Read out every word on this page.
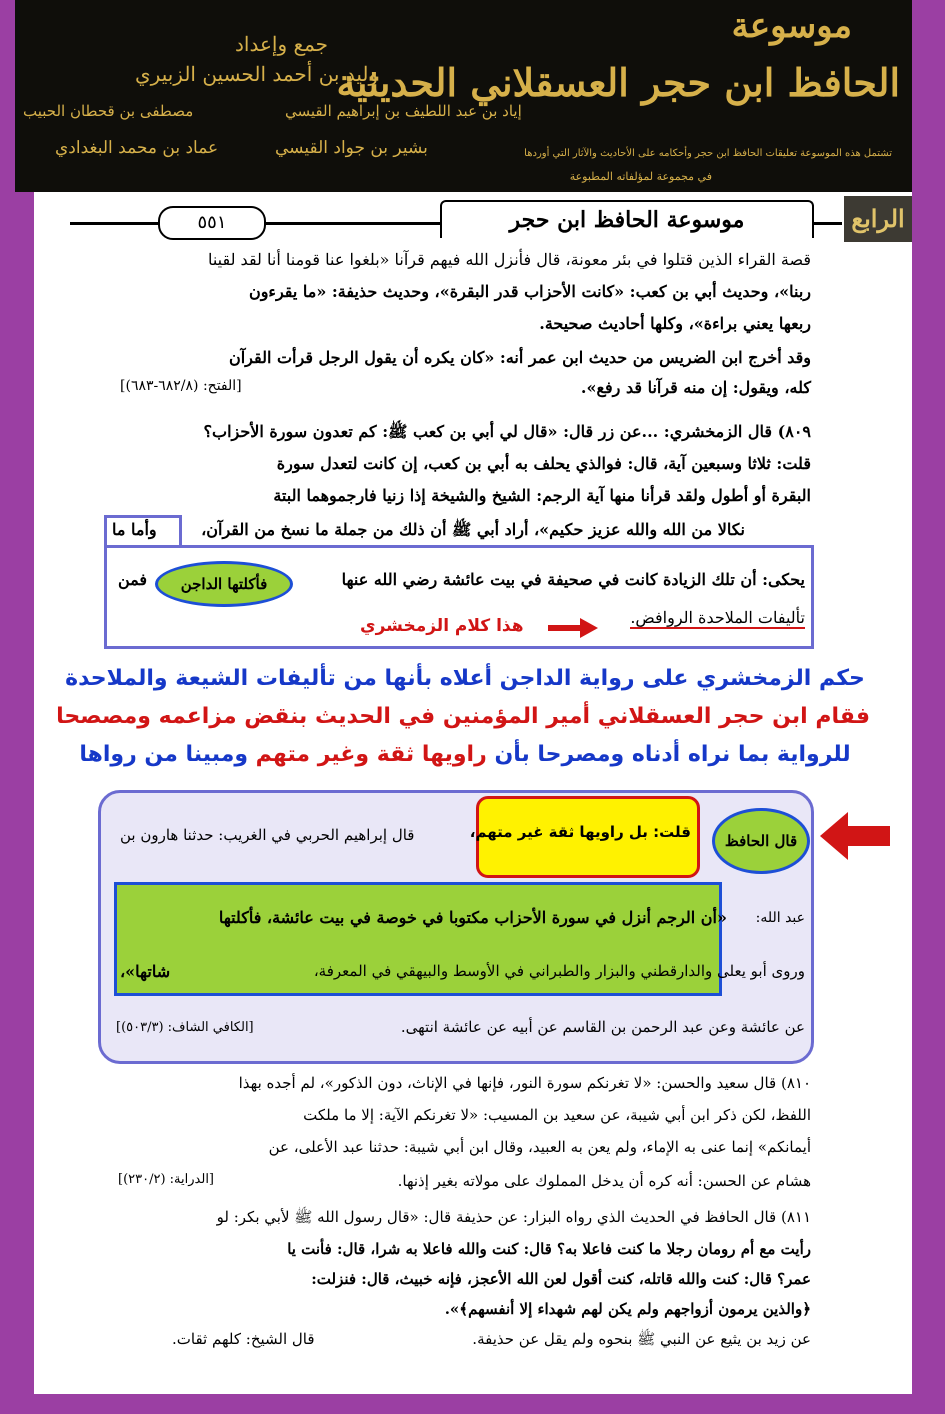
موسوعة
الحافظ ابن حجر العسقلاني الحديثية
جمع وإعداد
وليد بن أحمد الحسين الزبيري
إياد بن عبد اللطيف بن إبراهيم القيسي
مصطفى بن قحطان الحبيب
عماد بن محمد البغدادي	بشير بن جواد القيسي	تشتمل هذه الموسوعة تعليقات الحافظ ابن حجر وأحكامه على الأحاديث والآثار التي أوردها
في مجموعة لمؤلفاته المطبوعة
الرابع
موسوعة الحافظ ابن حجر
٥٥١
قصة القراء الذين قتلوا في بئر معونة، قال فأنزل الله فيهم قرآنا «بلغوا عنا قومنا أنا لقد لقينا
ربنا»، وحديث أبي بن كعب: «كانت الأحزاب قدر البقرة»، وحديث حذيفة: «ما يقرءون
ربعها يعني براءة»، وكلها أحاديث صحيحة.
وقد أخرج ابن الضريس من حديث ابن عمر أنه: «كان يكره أن يقول الرجل قرأت القرآن
كله، ويقول: إن منه قرآنا قد رفع».
[الفتح: (٦٨٢/٨-٦٨٣)]
٨٠٩) قال الزمخشري: ...عن زر قال: «قال لي أبي بن كعب ﷺ: كم تعدون سورة الأحزاب؟
قلت: ثلاثا وسبعين آية، قال: فوالذي يحلف به أبي بن كعب، إن كانت لتعدل سورة
البقرة أو أطول ولقد قرأنا منها آية الرجم: الشيخ والشيخة إذا زنيا فارجموهما البتة
نكالا من الله والله عزيز حكيم»، أراد أبي ﷺ أن ذلك من جملة ما نسخ من القرآن،
وأما ما
يحكى: أن تلك الزيادة كانت في صحيفة في بيت عائشة رضي الله عنها
فأكلتها الداجن
فمن
تأليفات الملاحدة الروافض.
هذا كلام الزمخشري
حكم الزمخشري على رواية الداجن أعلاه بأنها من تأليفات الشيعة والملاحدة
فقام ابن حجر العسقلاني أمير المؤمنين في الحديث بنقض مزاعمه ومصصحا
للرواية بما نراه أدناه ومصرحا بأن راويها ثقة وغير متهم ومبينا من رواها
قال الحافظ
قلت: بل راويها ثقة غير متهم،
قال إبراهيم الحربي في الغريب: حدثنا هارون بن
عبد الله:
«أن الرجم أنزل في سورة الأحزاب مكتوبا في خوصة في بيت عائشة، فأكلتها
شاتها»،	وروى أبو يعلى والدارقطني والبزار والطبراني في الأوسط والبيهقي في المعرفة،
عن عائشة وعن عبد الرحمن بن القاسم عن أبيه عن عائشة انتهى.
[الكافي الشاف: (٥٠٣/٣)]
٨١٠) قال سعيد والحسن: «لا تغرنكم سورة النور، فإنها في الإناث، دون الذكور»، لم أجده بهذا
اللفظ، لكن ذكر ابن أبي شيبة، عن سعيد بن المسيب: «لا تغرنكم الآية: إلا ما ملكت
أيمانكم» إنما عنى به الإماء، ولم يعن به العبيد، وقال ابن أبي شيبة: حدثنا عبد الأعلى، عن
هشام عن الحسن: أنه كره أن يدخل المملوك على مولاته بغير إذنها.
[الدراية: (٢٣٠/٢)]
٨١١) قال الحافظ في الحديث الذي رواه البزار: عن حذيفة قال: «قال رسول الله ﷺ لأبي بكر: لو
رأيت مع أم رومان رجلا ما كنت فاعلا به؟ قال: كنت والله فاعلا به شرا، قال: فأنت يا
عمر؟ قال: كنت والله قاتله، كنت أقول لعن الله الأعجز، فإنه خبيث، قال: فنزلت:
﴿والذين يرمون أزواجهم ولم يكن لهم شهداء إلا أنفسهم﴾».
عن زيد بن يثيع عن النبي ﷺ بنحوه ولم يقل عن حذيفة.
قال الشيخ: كلهم ثقات.
